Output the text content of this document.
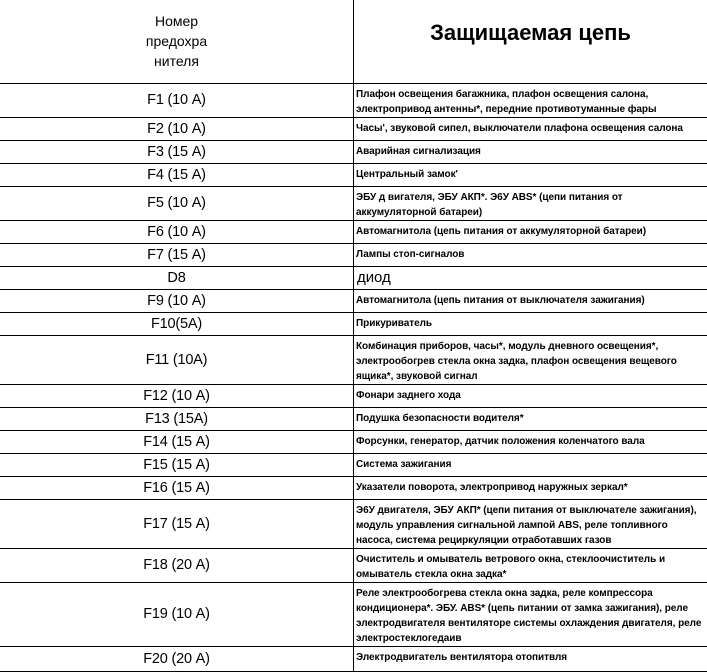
Номер
предохра
нителя	Защищаемая цепь
F1 (10 А)	Плафон освещения багажника, плафон освещения салона, электропривод антенны*, передние противотуманные фары
F2 (10 А)	Часы', звуковой сипел, выключатели плафона освещения салона
F3 (15 А)	Аварийная сигнализация
F4 (15 А)	Центральный замок'
F5 (10 А)	ЭБУ д вигателя, ЭБУ АКП*. Э6У ABS* (цепи питания от аккумуляторной батареи)
F6 (10 А)	Автомагнитола (цепь питания от аккумуляторной батареи)
F7 (15 А)	Лампы стоп-сигналов
D8	диод
F9 (10 А)	Автомагнитола (цепь питания от выключателя зажигания)
F10(5А)	Прикуриватель
F11 (10А)	Комбинация приборов, часы*, модуль дневного освещения*, электрообогрев стекла окна задка, плафон освещения вещевого ящика*, звуковой сигнал
F12 (10 А)	Фонари заднего хода
F13 (15А)	Подушка безопасности водителя*
F14 (15 А)	Форсунки, генератор, датчик положения коленчатого вала
F15 (15 А)	Система зажигания
F16 (15 А)	Указатели поворота, электропривод наружных зеркал*
F17 (15 А)	Э6У двигателя, ЭБУ АКП* (цепи питания от выключателе зажигания), модуль управления сигнальной лампой ABS, реле топливного насоса, система рециркуляции отработавших газов
F18 (20 А)	Очиститель и омыватель ветрового окна, стеклоочиститель и омыватель стекла окна задка*
F19 (10 А)	Реле электрообогрева стекла окна задка, реле компрессора кондиционера*. ЭБУ. ABS* (цепь питании от замка зажигания), реле электродвигателя вентиляторе системы охлаждения двигателя, реле электростеклогедаив
F20 (20 А)	Электродвигатель вентилятора отопитвля
